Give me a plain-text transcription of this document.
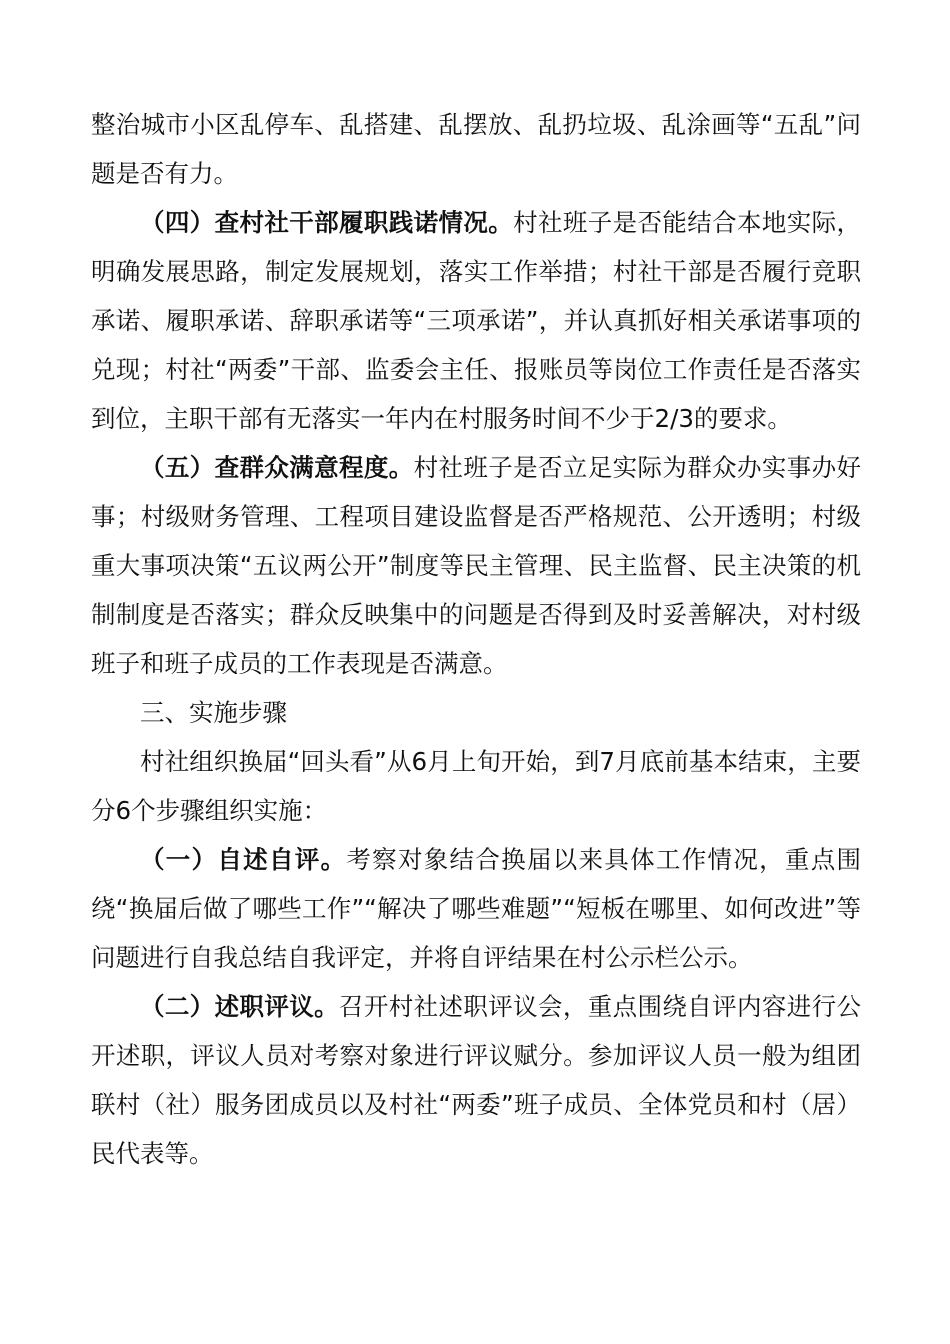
整治城市小区乱停车、乱搭建、乱摆放、乱扔垃圾、乱涂画等“五乱”问题是否有力。

（四）查村社干部履职践诺情况。村社班子是否能结合本地实际，明确发展思路，制定发展规划，落实工作举措；村社干部是否履行竞职承诺、履职承诺、辞职承诺等“三项承诺”，并认真抓好相关承诺事项的兑现；村社“两委”干部、监委会主任、报账员等岗位工作责任是否落实到位，主职干部有无落实一年内在村服务时间不少于2/3的要求。

（五）查群众满意程度。村社班子是否立足实际为群众办实事办好事；村级财务管理、工程项目建设监督是否严格规范、公开透明；村级重大事项决策“五议两公开”制度等民主管理、民主监督、民主决策的机制制度是否落实；群众反映集中的问题是否得到及时妥善解决，对村级班子和班子成员的工作表现是否满意。

三、实施步骤

村社组织换届“回头看”从6月上旬开始，到7月底前基本结束，主要分6个步骤组织实施：

（一）自述自评。考察对象结合换届以来具体工作情况，重点围绕“换届后做了哪些工作”“解决了哪些难题”“短板在哪里、如何改进”等问题进行自我总结自我评定，并将自评结果在村公示栏公示。

（二）述职评议。召开村社述职评议会，重点围绕自评内容进行公开述职，评议人员对考察对象进行评议赋分。参加评议人员一般为组团联村（社）服务团成员以及村社“两委”班子成员、全体党员和村（居）民代表等。
